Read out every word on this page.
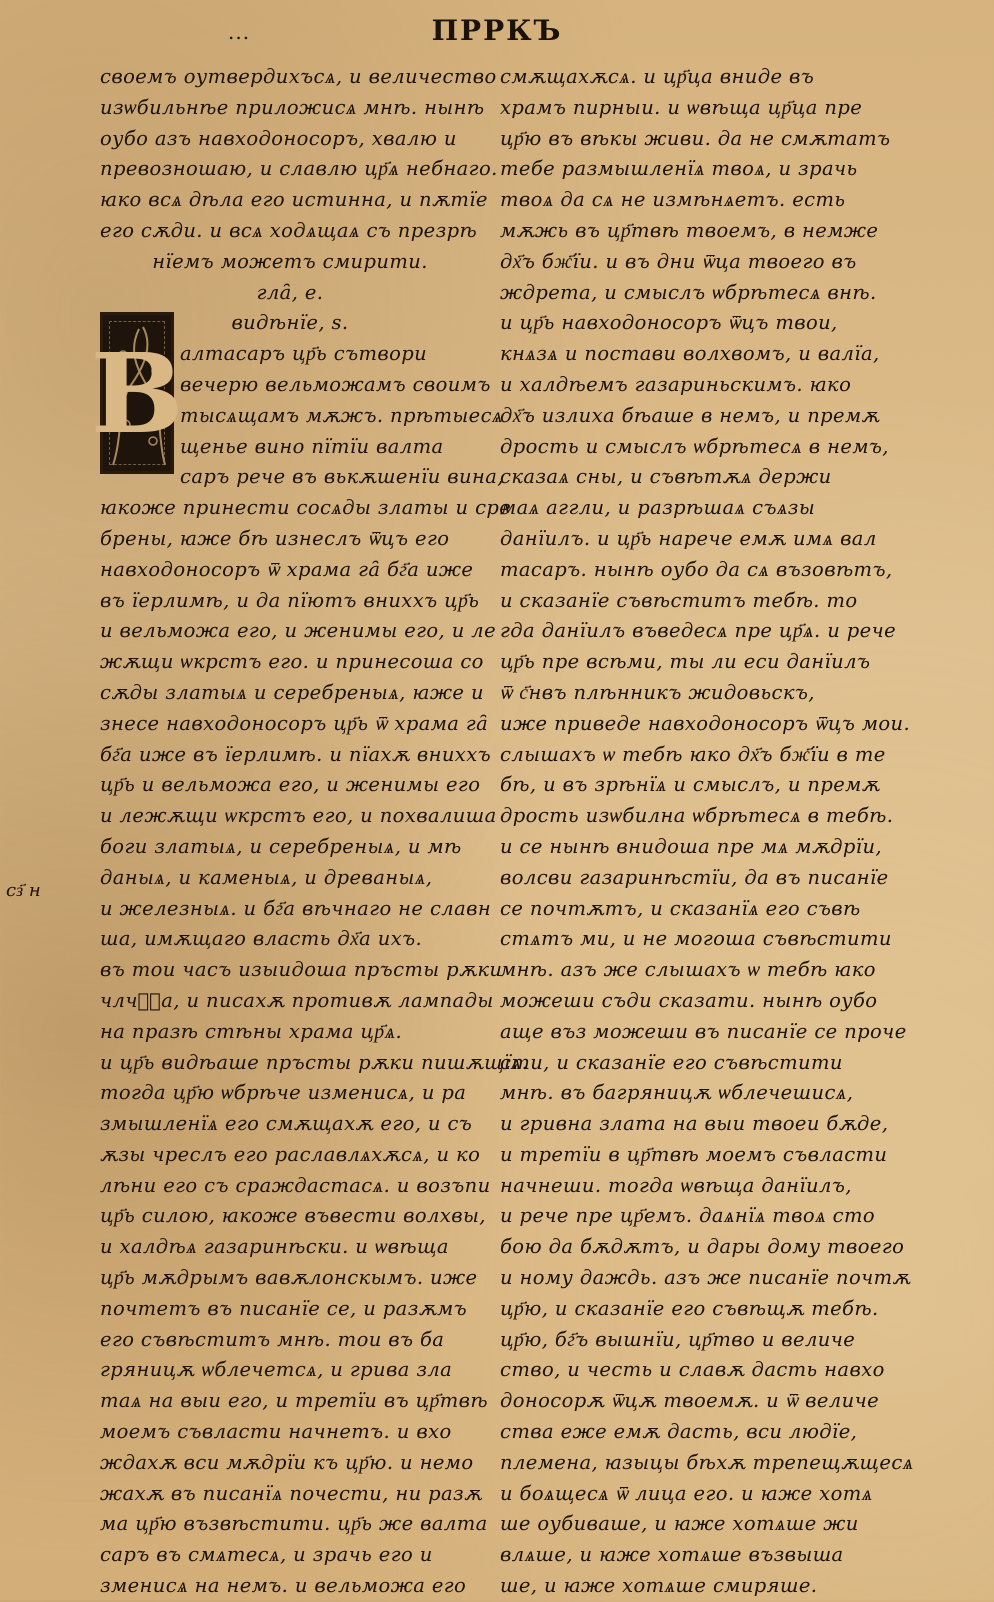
...	ПРРКЪ
сз҃ н
В
своемъ оутвердихъсѧ, и величество
изѡбильнѣе приложисѧ мнѣ. нынѣ
оубо азъ навходоносоръ, хвалю и
превозношаю, и славлю цр҃ѧ небнаго.
ꙗко всѧ дѣла его истинна, и пѫтїе
его сѫди. и всѧ ходѧщаѧ съ презрѣ
нїемъ можетъ смирити.
гла̑, е.
видѣнїе, ѕ.
алтасаръ цр҃ь сътвори
вечерю вельможамъ своимъ
тысѧщамъ мѫжъ. прѣтыесѧ
щенье вино пїтїи валта
саръ рече въ вькѫшенїи вина,
ꙗкоже принести сосѧды златы и сре
брены, ꙗже бѣ изнеслъ ѿцъ его
навходоносоръ ѿ храма га̑ бг҃а иже
въ їерлимѣ, и да пїютъ вниххъ цр҃ь
и вельможа его, и женимы его, и ле
жѫщи ѡкрстъ его. и принесоша со
сѫды златыѧ и серебреныѧ, ꙗже и
знесе навходоносоръ цр҃ь ѿ храма га̑
бг҃а иже въ їерлимѣ. и пїахѫ вниххъ
цр҃ь и вельможа его, и женимы его
и лежѫщи ѡкрстъ его, и похвалиша
боги златыѧ, и серебреныѧ, и мѣ
даныѧ, и каменыѧ, и древаныѧ,
и железныѧ. и бг҃а вѣчнаго не славн
ша, имѫщаго власть дх҃а ихъ.
въ тои часъ изыидоша пръсты рѫки
члчⷭ҇а, и писахѫ противѫ лампады
на празѣ стѣны храма цр҃ѧ.
и цр҃ь видѣаше пръсты рѫки пишѫщїѧ.
тогда цр҃ю ѡбрѣче изменисѧ, и ра
змышленїѧ его смѫщахѫ его, и съ
ѫзы чреслъ его раславлѧхѫсѧ, и ко
лѣни его съ сраждастасѧ. и возъпи
цр҃ь силою, ꙗкоже въвести волхвы,
и халдѣѧ газаринѣски. и ѡвѣща
цр҃ь мѫдрымъ вавѫлонскымъ. иже
почтетъ въ писанїе се, и разѫмъ
его съвѣститъ мнѣ. тои въ ба
гряницѫ ѡблечетсѧ, и грива зла
таѧ на выи его, и третїи въ цр҃твѣ
моемъ съвласти начнетъ. и вхо
ждахѫ вси мѫдрїи къ цр҃ю. и немо
жахѫ въ писанїѧ почести, ни разѫ
ма цр҃ю възвѣстити. цр҃ь же валта
саръ въ смѧтесѧ, и зрачь его и
зменисѧ на немъ. и вельможа его
смѫщахѫсѧ. и цр҃ца вниде въ
храмъ пирныи. и ѡвѣща цр҃ца пре
цр҃ю въ вѣкы живи. да не смѫтатъ
тебе размышленїѧ твоѧ, и зрачь
твоѧ да сѧ не измѣнѧетъ. есть
мѫжь въ цр҃твѣ твоемъ, в немже
дх҃ъ бж҃їи. и въ дни ѿца твоего въ
ждрета, и смыслъ ѡбрѣтесѧ внѣ.
и цр҃ь навходоносоръ ѿцъ твои,
кнѧзѧ и постави волхвомъ, и валїа,
и халдѣемъ газариньскимъ. ꙗко
дх҃ъ излиха бѣаше в немъ, и премѫ
дрость и смыслъ ѡбрѣтесѧ в немъ,
сказаѧ сны, и съвѣтѫѧ держи
маѧ аггли, и разрѣшаѧ съѧзы
данїилъ. и цр҃ь нарече емѫ имѧ вал
тасаръ. нынѣ оубо да сѧ възовѣтъ,
и сказанїе съвѣститъ тебѣ. то
гда данїилъ въведесѧ пре цр҃ѧ. и рече
цр҃ь пре всѣми, ты ли еси данїилъ
ѿ с҃нвъ плѣнникъ жидовьскъ,
иже приведе навходоносоръ ѿцъ мои.
слышахъ ѡ тебѣ ꙗко дх҃ъ бж҃їи в те
бѣ, и въ зрѣнїѧ и смыслъ, и премѫ
дрость изѡбилна ѡбрѣтесѧ в тебѣ.
и се нынѣ внидоша пре мѧ мѫдрїи,
волсви газаринѣстїи, да въ писанїе
се почтѫтъ, и сказанїѧ его съвѣ
стѧтъ ми, и не могоша съвѣстити
мнѣ. азъ же слышахъ ѡ тебѣ ꙗко
можеши съди сказати. нынѣ оубо
аще въз можеши въ писанїе се проче
сти, и сказанїе его съвѣстити
мнѣ. въ багряницѫ ѡблечешисѧ,
и гривна злата на выи твоеи бѫде,
и третїи в цр҃твѣ моемъ съвласти
начнеши. тогда ѡвѣща данїилъ,
и рече пре цр҃емъ. даѧнїѧ твоѧ сто
бою да бѫдѫтъ, и дары дому твоего
и ному даждь. азъ же писанїе почтѫ
цр҃ю, и сказанїе его съвѣщѫ тебѣ.
цр҃ю, бг҃ъ вышнїи, цр҃тво и величе
ство, и честь и славѫ дасть навхо
доносорѫ ѿцѫ твоемѫ. и ѿ величе
ства еже емѫ дасть, вси людїе,
племена, ꙗзыцы бѣхѫ трепещѫщесѧ
и боѧщесѧ ѿ лица его. и ꙗже хотѧ
ше оубиваше, и ꙗже хотѧше жи
влѧше, и ꙗже хотѧше възвыша
ше, и ꙗже хотѧше смиряше.
